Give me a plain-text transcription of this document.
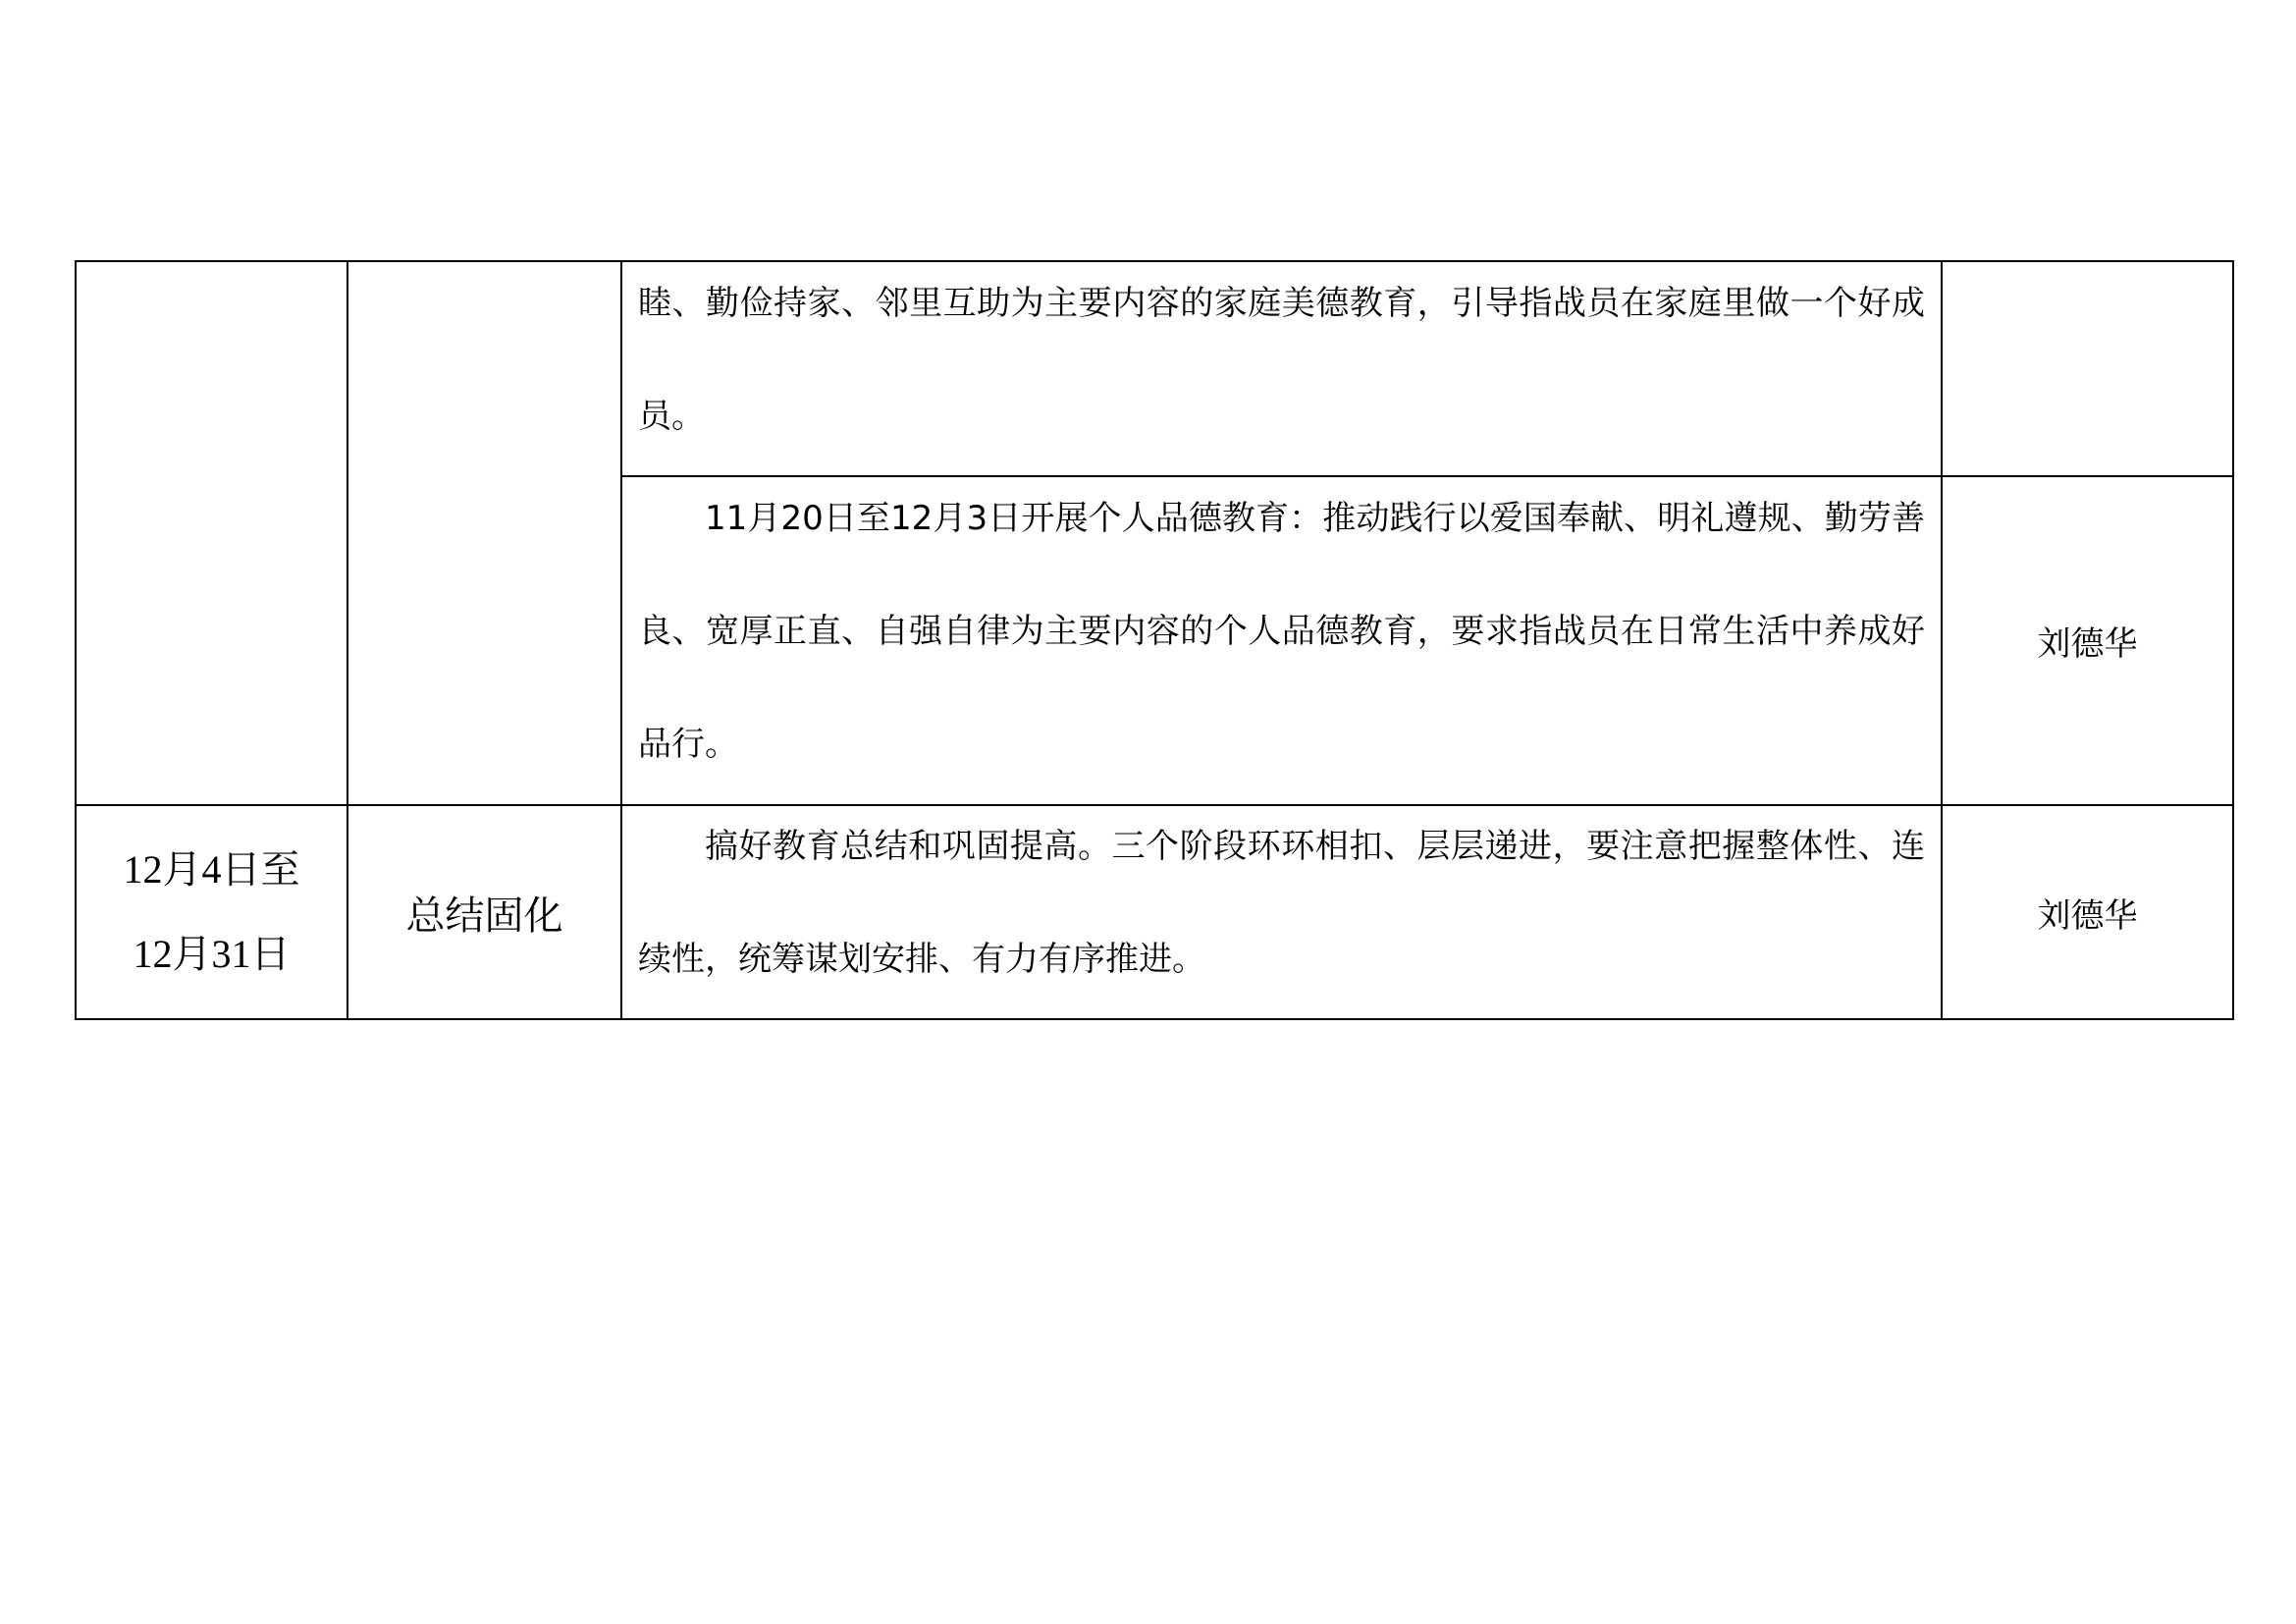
		睦、勤俭持家、邻里互助为主要内容的家庭美德教育，引导指战员在家庭里做一个好成员。	

		11月20日至12月3日开展个人品德教育：推动践行以爱国奉献、明礼遵规、勤劳善良、宽厚正直、自强自律为主要内容的个人品德教育，要求指战员在日常生活中养成好品行。	刘德华

12月4日至
12月31日	总结固化	搞好教育总结和巩固提高。三个阶段环环相扣、层层递进，要注意把握整体性、连续性，统筹谋划安排、有力有序推进。	刘德华
